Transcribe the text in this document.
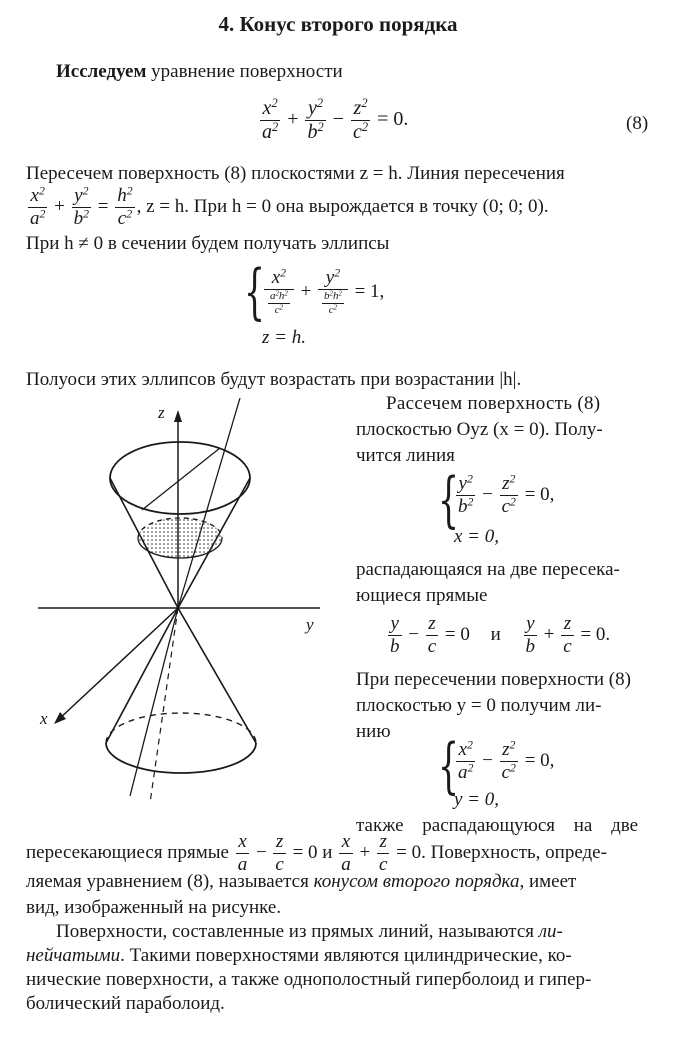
4. Конус второго порядка
Исследуем уравнение поверхности
$\frac{x^2}{a^2} + \frac{y^2}{b^2} - \frac{z^2}{c^2} = 0$.	(8)
Пересечем поверхность (8) плоскостями z = h. Линия пересечения
$\frac{x^2}{a^2} + \frac{y^2}{b^2} = \frac{h^2}{c^2}$ , z = h. При h = 0 она вырождается в точку (0; 0; 0).
При h ≠ 0 в сечении будем получать эллипсы
{
$\frac{x^2}{\frac{a^2h^2}{c^2}} + \frac{y^2}{\frac{b^2h^2}{c^2}} = 1$,
z = h.
Полуоси этих эллипсов будут возрастать при возрастании |h|.
z
y
x
Рассечем поверхность (8)
плоскостью Oyz (x = 0). Полу-
чится линия
{
$\frac{y^2}{b^2} - \frac{z^2}{c^2} = 0$,
x = 0,
распадающаяся на две пересека-
ющиеся прямые
$\frac{y}{b} - \frac{z}{c} = 0$ и $\frac{y}{b} + \frac{z}{c} = 0$.
При пересечении поверхности (8)
плоскостью y = 0 получим ли-
нию {
$\frac{x^2}{a^2} - \frac{z^2}{c^2} = 0$,
y = 0,
также распадающуюся на две
пересекающиеся прямые $\frac{x}{a} - \frac{z}{c} = 0$ и $\frac{x}{a} + \frac{z}{c} = 0$. Поверхность, опреде-
ляемая уравнением (8), называется конусом второго порядка, имеет
вид, изображенный на рисунке.
Поверхности, составленные из прямых линий, называются ли-
нейчатыми. Такими поверхностями являются цилиндрические, ко-
нические поверхности, а также однополостный гиперболоид и гипер-
болический параболоид.
